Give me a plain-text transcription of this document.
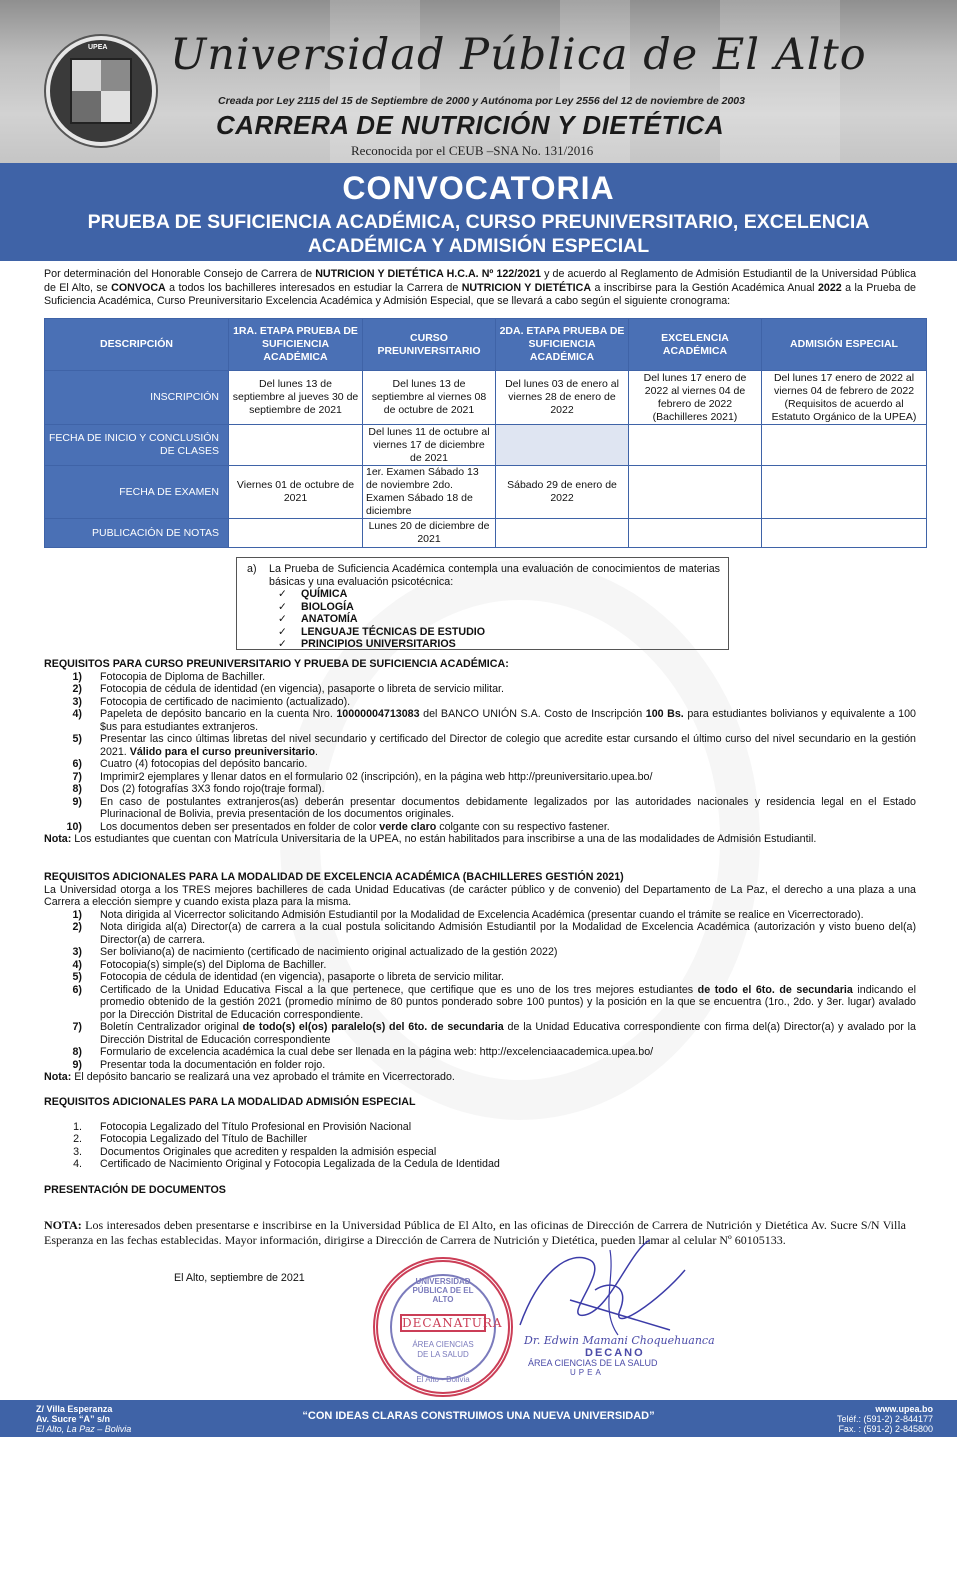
UPEA Universidad Pública de El Alto
Creada por Ley 2115 del 15 de Septiembre de 2000 y Autónoma por Ley 2556 del 12 de noviembre de 2003
CARRERA DE NUTRICIÓN Y DIETÉTICA
Reconocida por el CEUB –SNA No. 131/2016
CONVOCATORIA
PRUEBA DE SUFICIENCIA ACADÉMICA, CURSO PREUNIVERSITARIO, EXCELENCIA ACADÉMICA Y ADMISIÓN ESPECIAL
Por determinación del Honorable Consejo de Carrera de NUTRICION Y DIETÉTICA H.C.A. Nº 122/2021 y de acuerdo al Reglamento de Admisión Estudiantil de la Universidad Pública de El Alto, se CONVOCA a todos los bachilleres interesados en estudiar la Carrera de NUTRICION Y DIETÉTICA a inscribirse para la Gestión Académica Anual 2022 a la Prueba de Suficiencia Académica, Curso Preuniversitario Excelencia Académica y Admisión Especial, que se llevará a cabo según el siguiente cronograma:
DESCRIPCIÓN	1RA. ETAPA PRUEBA DE SUFICIENCIA ACADÉMICA	CURSO PREUNIVERSITARIO	2DA. ETAPA PRUEBA DE SUFICIENCIA ACADÉMICA	EXCELENCIA ACADÉMICA	ADMISIÓN ESPECIAL
INSCRIPCIÓN	Del lunes 13 de septiembre al jueves 30 de septiembre de 2021	Del lunes 13 de septiembre al viernes 08 de octubre de 2021	Del lunes 03 de enero al viernes 28 de enero de 2022	Del lunes 17 enero de 2022 al viernes 04 de febrero de 2022 (Bachilleres 2021)	Del lunes 17 enero de 2022 al viernes 04 de febrero de 2022 (Requisitos de acuerdo al Estatuto Orgánico de la UPEA)
FECHA DE INICIO Y CONCLUSIÓN DE CLASES		Del lunes 11 de octubre al viernes 17 de diciembre de 2021			
FECHA DE EXAMEN	Viernes 01 de octubre de 2021	1er. Examen Sábado 13 de noviembre 2do. Examen Sábado 18 de diciembre	Sábado 29 de enero de 2022		
PUBLICACIÓN DE NOTAS		Lunes 20 de diciembre de 2021			
a)	La Prueba de Suficiencia Académica contempla una evaluación de conocimientos de materias básicas y una evaluación psicotécnica:
✓	QUÍMICA
✓	BIOLOGÍA
✓	ANATOMÍA
✓	LENGUAJE TÉCNICAS DE ESTUDIO
✓	PRINCIPIOS UNIVERSITARIOS
REQUISITOS PARA CURSO PREUNIVERSITARIO Y PRUEBA DE SUFICIENCIA ACADÉMICA:
1)	Fotocopia de Diploma de Bachiller.
2)	Fotocopia de cédula de identidad (en vigencia), pasaporte o libreta de servicio militar.
3)	Fotocopia de certificado de nacimiento (actualizado).
4)	Papeleta de depósito bancario en la cuenta Nro. 10000004713083 del BANCO UNIÓN S.A. Costo de Inscripción 100 Bs. para estudiantes bolivianos y equivalente a 100 $us para estudiantes extranjeros.
5)	Presentar las cinco últimas libretas del nivel secundario y certificado del Director de colegio que acredite estar cursando el último curso del nivel secundario en la gestión 2021. Válido para el curso preuniversitario.
6)	Cuatro (4) fotocopias del depósito bancario.
7)	Imprimir2 ejemplares y llenar datos en el formulario 02 (inscripción), en la página web http://preuniversitario.upea.bo/
8)	Dos (2) fotografías 3X3 fondo rojo(traje formal).
9)	En caso de postulantes extranjeros(as) deberán presentar documentos debidamente legalizados por las autoridades nacionales y residencia legal en el Estado Plurinacional de Bolivia, previa presentación de los documentos originales.
10)	Los documentos deben ser presentados en folder de color verde claro colgante con su respectivo fastener.
Nota: Los estudiantes que cuentan con Matrícula Universitaria de la UPEA, no están habilitados para inscribirse a una de las modalidades de Admisión Estudiantil.
REQUISITOS ADICIONALES PARA LA MODALIDAD DE EXCELENCIA ACADÉMICA (BACHILLERES GESTIÓN 2021)
La Universidad otorga a los TRES mejores bachilleres de cada Unidad Educativas (de carácter público y de convenio) del Departamento de La Paz, el derecho a una plaza a una Carrera a elección siempre y cuando exista plaza para la misma.
1)	Nota dirigida al Vicerrector solicitando Admisión Estudiantil por la Modalidad de Excelencia Académica (presentar cuando el trámite se realice en Vicerrectorado).
2)	Nota dirigida al(a) Director(a) de carrera a la cual postula solicitando Admisión Estudiantil por la Modalidad de Excelencia Académica (autorización y visto bueno del(a) Director(a) de carrera.
3)	Ser boliviano(a) de nacimiento (certificado de nacimiento original actualizado de la gestión 2022)
4)	Fotocopia(s) simple(s) del Diploma de Bachiller.
5)	Fotocopia de cédula de identidad (en vigencia), pasaporte o libreta de servicio militar.
6)	Certificado de la Unidad Educativa Fiscal a la que pertenece, que certifique que es uno de los tres mejores estudiantes de todo el 6to. de secundaria indicando el promedio obtenido de la gestión 2021 (promedio mínimo de 80 puntos ponderado sobre 100 puntos) y la posición en la que se encuentra (1ro., 2do. y 3er. lugar) avalado por la Dirección Distrital de Educación correspondiente.
7)	Boletín Centralizador original de todo(s) el(os) paralelo(s) del 6to. de secundaria de la Unidad Educativa correspondiente con firma del(a) Director(a) y avalado por la Dirección Distrital de Educación correspondiente
8)	Formulario de excelencia académica la cual debe ser llenada en la página web: http://excelenciaacademica.upea.bo/
9)	Presentar toda la documentación en folder rojo.
Nota: El depósito bancario se realizará una vez aprobado el trámite en Vicerrectorado.
REQUISITOS ADICIONALES PARA LA MODALIDAD ADMISIÓN ESPECIAL
1.	Fotocopia Legalizado del Título Profesional en Provisión Nacional
2.	Fotocopia Legalizado del Título de Bachiller
3.	Documentos Originales que acrediten y respalden la admisión especial
4.	Certificado de Nacimiento Original y Fotocopia Legalizada de la Cedula de Identidad
PRESENTACIÓN DE DOCUMENTOS
NOTA: Los interesados deben presentarse e inscribirse en la Universidad Pública de El Alto, en las oficinas de Dirección de Carrera de Nutrición y Dietética Av. Sucre S/N Villa Esperanza en las fechas establecidas. Mayor información, dirigirse a Dirección de Carrera de Nutrición y Dietética, pueden llamar al celular Nº 60105133.
El Alto, septiembre de 2021	UNIVERSIDAD PÚBLICA DE EL ALTO
DECANATURA
ÁREA CIENCIAS DE LA SALUD
El Alto - Bolivia
Dr. Edwin Mamani Choquehuanca
DECANO
ÁREA CIENCIAS DE LA SALUD
UPEA
Z/ Villa Esperanza
Av. Sucre “A” s/n
El Alto, La Paz – Bolivia
“CON IDEAS CLARAS CONSTRUIMOS UNA NUEVA UNIVERSIDAD”
www.upea.bo
Teléf.: (591-2) 2-844177
Fax. : (591-2) 2-845800
